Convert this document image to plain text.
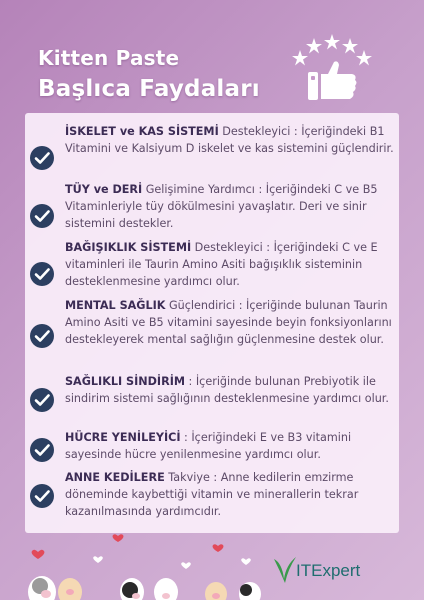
Kitten Paste
Başlıca Faydaları
İSKELET ve KAS SİSTEMİ Destekleyici : İçeriğindeki B1 Vitamini ve Kalsiyum D iskelet ve kas sistemini güçlendirir.
TÜY ve DERİ Gelişimine Yardımcı : İçeriğindeki C ve B5 Vitaminleriyle tüy dökülmesini yavaşlatır. Deri ve sinir sistemini destekler.
BAĞIŞIKLIK SİSTEMİ Destekleyici : İçeriğindeki C ve E vitaminleri ile Taurin Amino Asiti bağışıklık sisteminin desteklenmesine yardımcı olur.
MENTAL SAĞLIK Güçlendirici : İçeriğinde bulunan Taurin Amino Asiti ve B5 vitamini sayesinde beyin fonksiyonlarını destekleyerek mental sağlığın güçlenmesine destek olur.
SAĞLIKLI SİNDİRİM : İçeriğinde bulunan Prebiyotik ile sindirim sistemi sağlığının desteklenmesine yardımcı olur.
HÜCRE YENİLEYİCİ : İçeriğindeki E ve B3 vitamini sayesinde hücre yenilenmesine yardımcı olur.
ANNE KEDİLERE Takviye : Anne kedilerin emzirme döneminde kaybettiği vitamin ve minerallerin tekrar kazanılmasında yardımcıdır.
ITExpert
